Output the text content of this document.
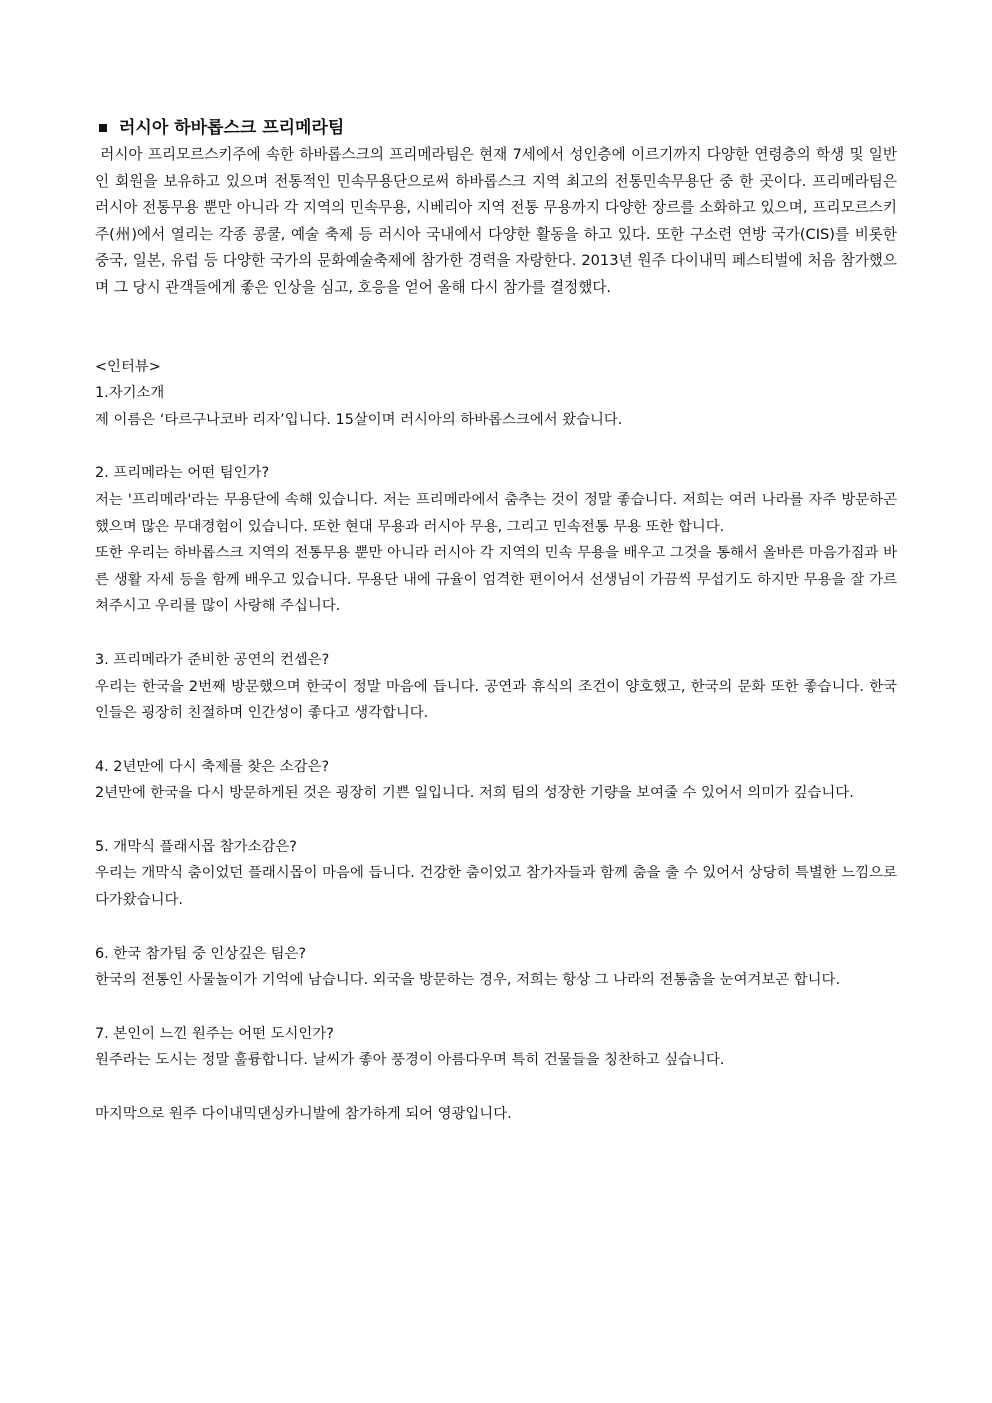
러시아 하바롭스크 프리메라팀

러시아 프리모르스키주에 속한 하바롭스크의 프리메라팀은 현재 7세에서 성인층에 이르기까지 다양한 연령층의 학생 및 일반인 회원을 보유하고 있으며 전통적인 민속무용단으로써 하바롭스크 지역 최고의 전통민속무용단 중 한 곳이다. 프리메라팀은 러시아 전통무용 뿐만 아니라 각 지역의 민속무용, 시베리아 지역 전통 무용까지 다양한 장르를 소화하고 있으며, 프리모르스키 주(州)에서 열리는 각종 콩쿨, 예술 축제 등 러시아 국내에서 다양한 활동을 하고 있다. 또한 구소련 연방 국가(CIS)를 비롯한 중국, 일본, 유럽 등 다양한 국가의 문화예술축제에 참가한 경력을 자랑한다. 2013년 원주 다이내믹 페스티벌에 처음 참가했으며 그 당시 관객들에게 좋은 인상을 심고, 호응을 얻어 올해 다시 참가를 결정했다.

<인터뷰>

1.자기소개

제 이름은 ‘타르구나코바 리자’입니다. 15살이며 러시아의 하바롭스크에서 왔습니다.

2. 프리메라는 어떤 팀인가?

저는 '프리메라'라는 무용단에 속해 있습니다. 저는 프리메라에서 춤추는 것이 정말 좋습니다. 저희는 여러 나라를 자주 방문하곤 했으며 많은 무대경험이 있습니다. 또한 현대 무용과 러시아 무용, 그리고 민속전통 무용 또한 합니다.

또한 우리는 하바롭스크 지역의 전통무용 뿐만 아니라 러시아 각 지역의 민속 무용을 배우고 그것을 통해서 올바른 마음가짐과 바른 생활 자세 등을 함께 배우고 있습니다. 무용단 내에 규율이 엄격한 편이어서 선생님이 가끔씩 무섭기도 하지만 무용을 잘 가르쳐주시고 우리를 많이 사랑해 주십니다.

3. 프리메라가 준비한 공연의 컨셉은?

우리는 한국을 2번째 방문했으며 한국이 정말 마음에 듭니다. 공연과 휴식의 조건이 양호했고, 한국의 문화 또한 좋습니다. 한국인들은 굉장히 친절하며 인간성이 좋다고 생각합니다.

4. 2년만에 다시 축제를 찾은 소감은?

2년만에 한국을 다시 방문하게된 것은 굉장히 기쁜 일입니다. 저희 팀의 성장한 기량을 보여줄 수 있어서 의미가 깊습니다.

5. 개막식 플래시몹 참가소감은?

우리는 개막식 춤이었던 플래시몹이 마음에 듭니다. 건강한 춤이었고 참가자들과 함께 춤을 출 수 있어서 상당히 특별한 느낌으로 다가왔습니다.

6. 한국 참가팀 중 인상깊은 팀은?

한국의 전통인 사물놀이가 기억에 남습니다. 외국을 방문하는 경우, 저희는 항상 그 나라의 전통춤을 눈여겨보곤 합니다.

7. 본인이 느낀 원주는 어떤 도시인가?

원주라는 도시는 정말 훌륭합니다. 날씨가 좋아 풍경이 아름다우며 특히 건물들을 칭찬하고 싶습니다.

마지막으로 원주 다이내믹댄싱카니발에 참가하게 되어 영광입니다.
